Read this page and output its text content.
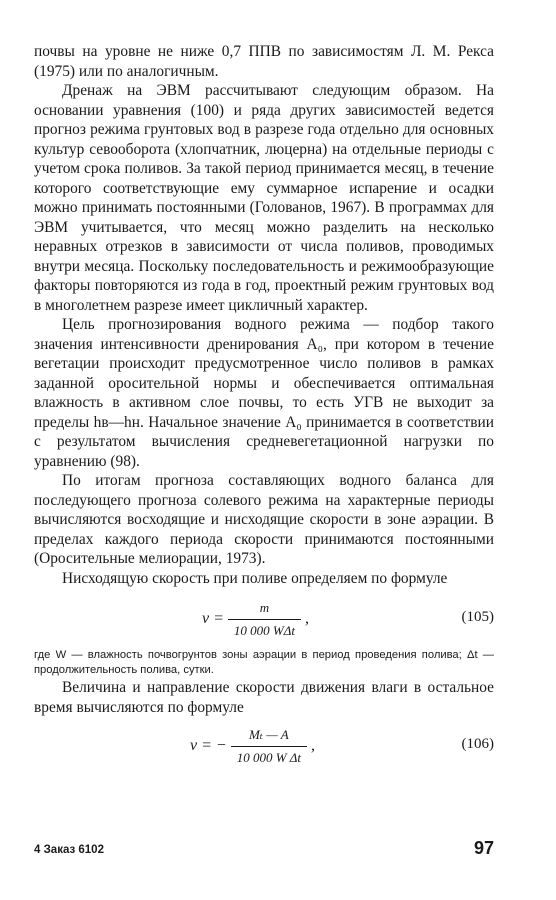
почвы на уровне не ниже 0,7 ППВ по зависимостям Л. М. Рекса (1975) или по аналогичным.

Дренаж на ЭВМ рассчитывают следующим образом. На основании уравнения (100) и ряда других зависимостей ведется прогноз режима грунтовых вод в разрезе года отдельно для основных культур севооборота (хлопчатник, люцерна) на отдельные периоды с учетом срока поливов. За такой период принимается месяц, в течение которого соответствующие ему суммарное испарение и осадки можно принимать постоянными (Голованов, 1967). В программах для ЭВМ учитывается, что месяц можно разделить на несколько неравных отрезков в зависимости от числа поливов, проводимых внутри месяца. Поскольку последовательность и режимообразующие факторы повторяются из года в год, проектный режим грунтовых вод в многолетнем разрезе имеет цикличный характер.

Цель прогнозирования водного режима — подбор такого значения интенсивности дренирования A₀, при котором в течение вегетации происходит предусмотренное число поливов в рамках заданной оросительной нормы и обеспечивается оптимальная влажность в активном слое почвы, то есть УГВ не выходит за пределы hв—hн. Начальное значение A₀ принимается в соответствии с результатом вычисления средневегетационной нагрузки по уравнению (98).

По итогам прогноза составляющих водного баланса для последующего прогноза солевого режима на характерные периоды вычисляются восходящие и нисходящие скорости в зоне аэрации. В пределах каждого периода скорости принимаются постоянными (Оросительные мелиорации, 1973).

Нисходящую скорость при поливе определяем по формуле

$v = \frac{m}{\text{10 000 WΔt}}$ ,	(105)

где W — влажность почвогрунтов зоны аэрации в период проведения полива; Δt — продолжительность полива, сутки.

Величина и направление скорости движения влаги в остальное время вычисляются по формуле

v = − $\frac{\text{Mₜ — A}}{\text{10 000 W Δt}}$ ,	(106)
4 Заказ 6102	97
